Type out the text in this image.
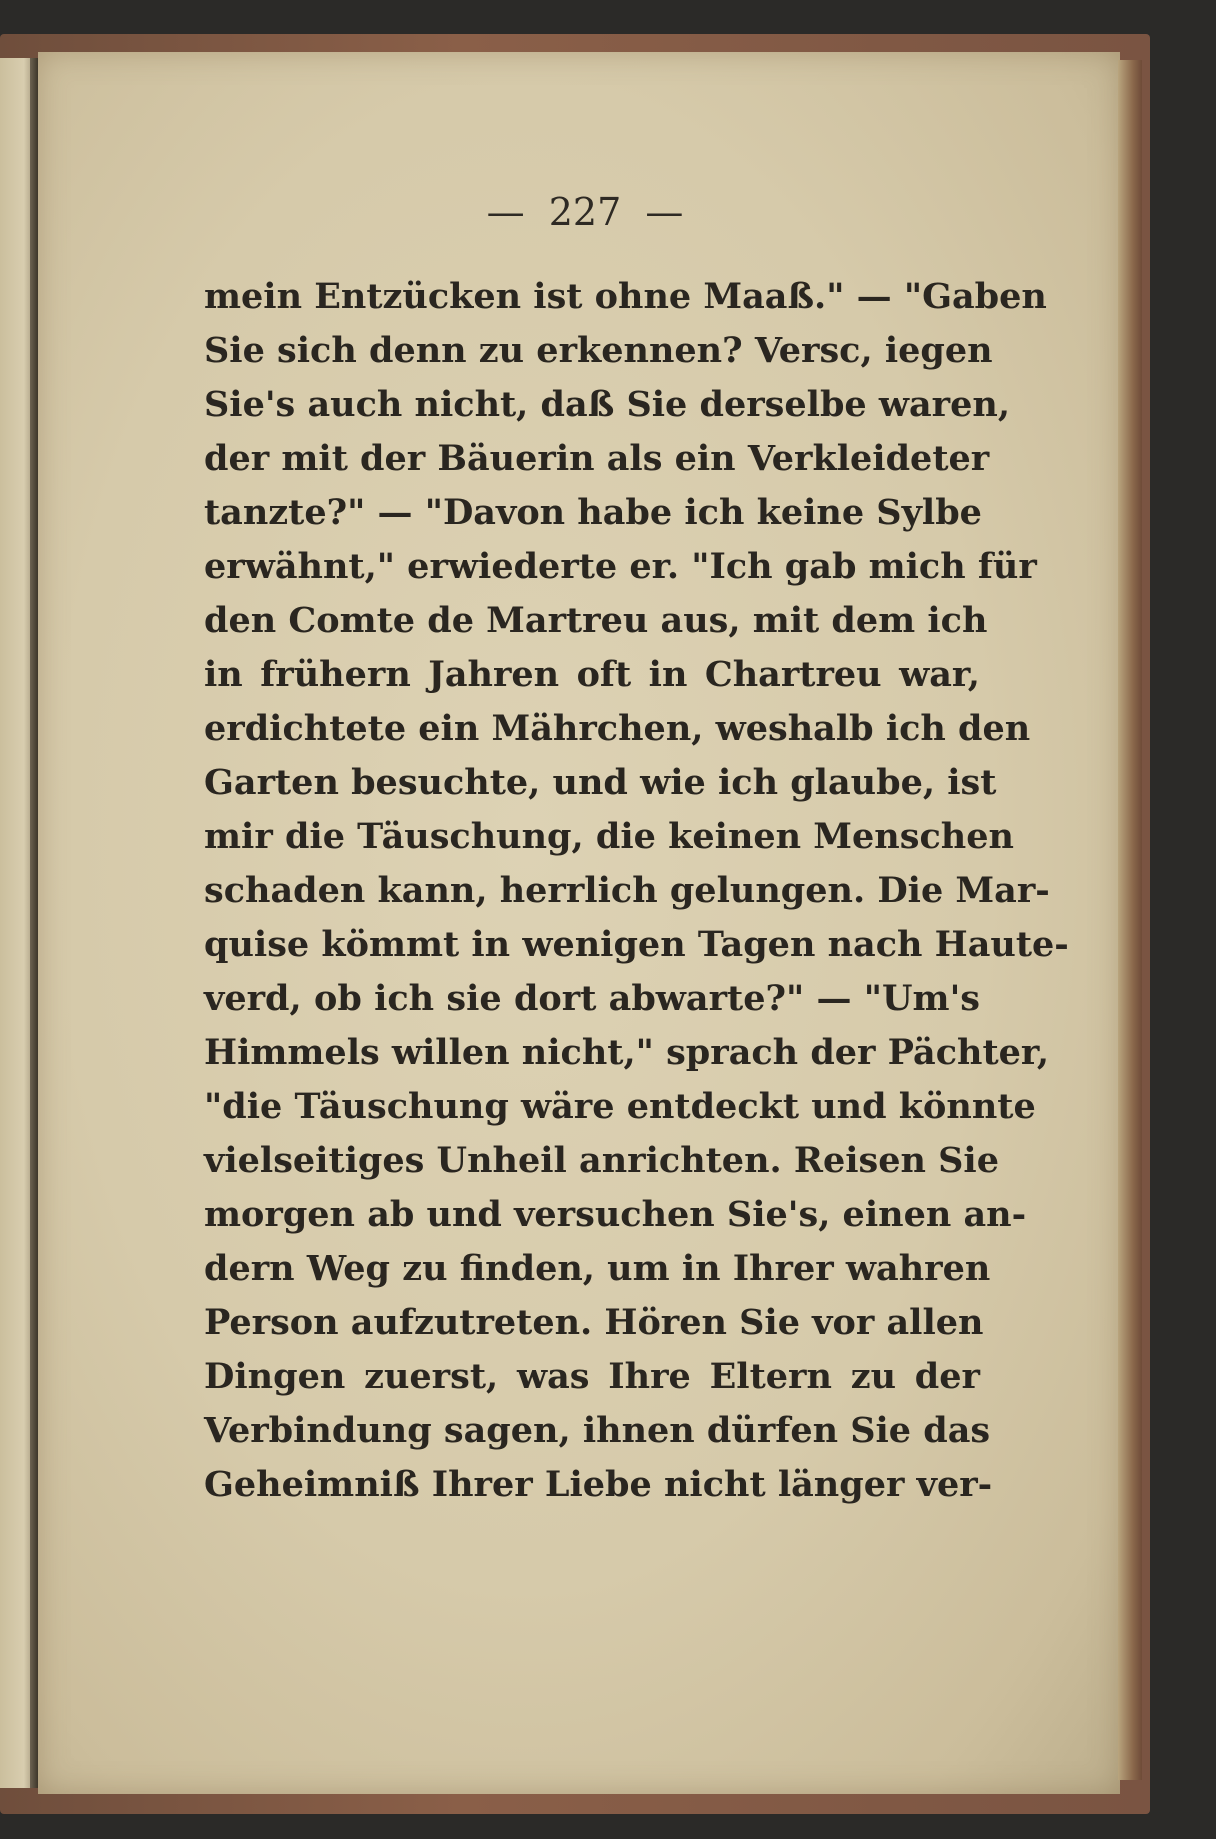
—  227  —
mein Entzücken ist ohne Maaß." — "Gaben
Sie sich denn zu erkennen? Versc, iegen
Sie's auch nicht, daß Sie derselbe waren,
der mit der Bäuerin als ein Verkleideter
tanzte?" — "Davon habe ich keine Sylbe
erwähnt," erwiederte er. "Ich gab mich für
den Comte de Martreu aus, mit dem ich
in frühern Jahren oft in Chartreu war,
erdichtete ein Mährchen, weshalb ich den
Garten besuchte, und wie ich glaube, ist
mir die Täuschung, die keinen Menschen
schaden kann, herrlich gelungen. Die Mar-
quise kömmt in wenigen Tagen nach Haute-
verd, ob ich sie dort abwarte?" — "Um's
Himmels willen nicht," sprach der Pächter,
"die Täuschung wäre entdeckt und könnte
vielseitiges Unheil anrichten. Reisen Sie
morgen ab und versuchen Sie's, einen an-
dern Weg zu finden, um in Ihrer wahren
Person aufzutreten. Hören Sie vor allen
Dingen zuerst, was Ihre Eltern zu der
Verbindung sagen, ihnen dürfen Sie das
Geheimniß Ihrer Liebe nicht länger ver-
